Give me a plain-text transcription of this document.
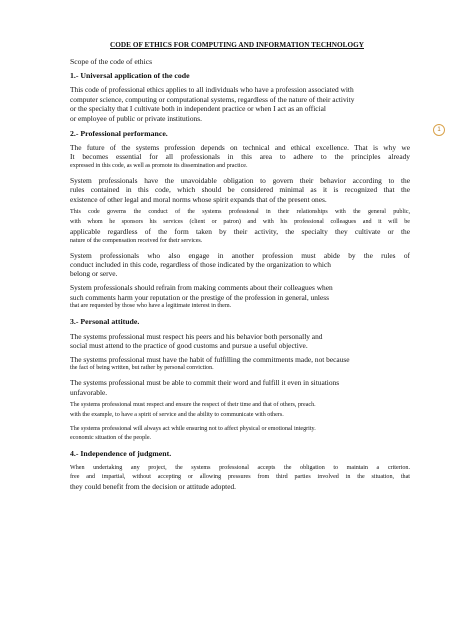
CODE OF ETHICS FOR COMPUTING AND INFORMATION TECHNOLOGY
1
Scope of the code of ethics
1.- Universal application of the code
This code of professional ethics applies to all individuals who have a profession associated with
computer science, computing or computational systems, regardless of the nature of their activity
or the specialty that I cultivate both in independent practice or when I act as an official
or employee of public or private institutions.
2.- Professional performance.
The future of the systems profession depends on technical and ethical excellence. That is why we
It becomes essential for all professionals in this area to adhere to the principles already
expressed in this code, as well as promote its dissemination and practice.
System professionals have the unavoidable obligation to govern their behavior according to the
rules contained in this code, which should be considered minimal as it is recognized that the
existence of other legal and moral norms whose spirit expands that of the present ones.
This code governs the conduct of the systems professional in their relationships with the general public,
with whom he sponsors his services (client or patron) and with his professional colleagues and it will be
applicable regardless of the form taken by their activity, the specialty they cultivate or the
nature of the compensation received for their services.
System professionals who also engage in another profession must abide by the rules of
conduct included in this code, regardless of those indicated by the organization to which
belong or serve.
System professionals should refrain from making comments about their colleagues when
such comments harm your reputation or the prestige of the profession in general, unless
that are requested by those who have a legitimate interest in them.
3.- Personal attitude.
The systems professional must respect his peers and his behavior both personally and
social must attend to the practice of good customs and pursue a useful objective.
The systems professional must have the habit of fulfilling the commitments made, not because
the fact of being written, but rather by personal conviction.
The systems professional must be able to commit their word and fulfill it even in situations
unfavorable.
The systems professional must respect and ensure the respect of their time and that of others, preach.
with the example, to have a spirit of service and the ability to communicate with others.
The systems professional will always act while ensuring not to affect physical or emotional integrity.
economic situation of the people.
4.- Independence of judgment.
When undertaking any project, the systems professional accepts the obligation to maintain a criterion.
free and impartial, without accepting or allowing pressures from third parties involved in the situation, that
they could benefit from the decision or attitude adopted.
